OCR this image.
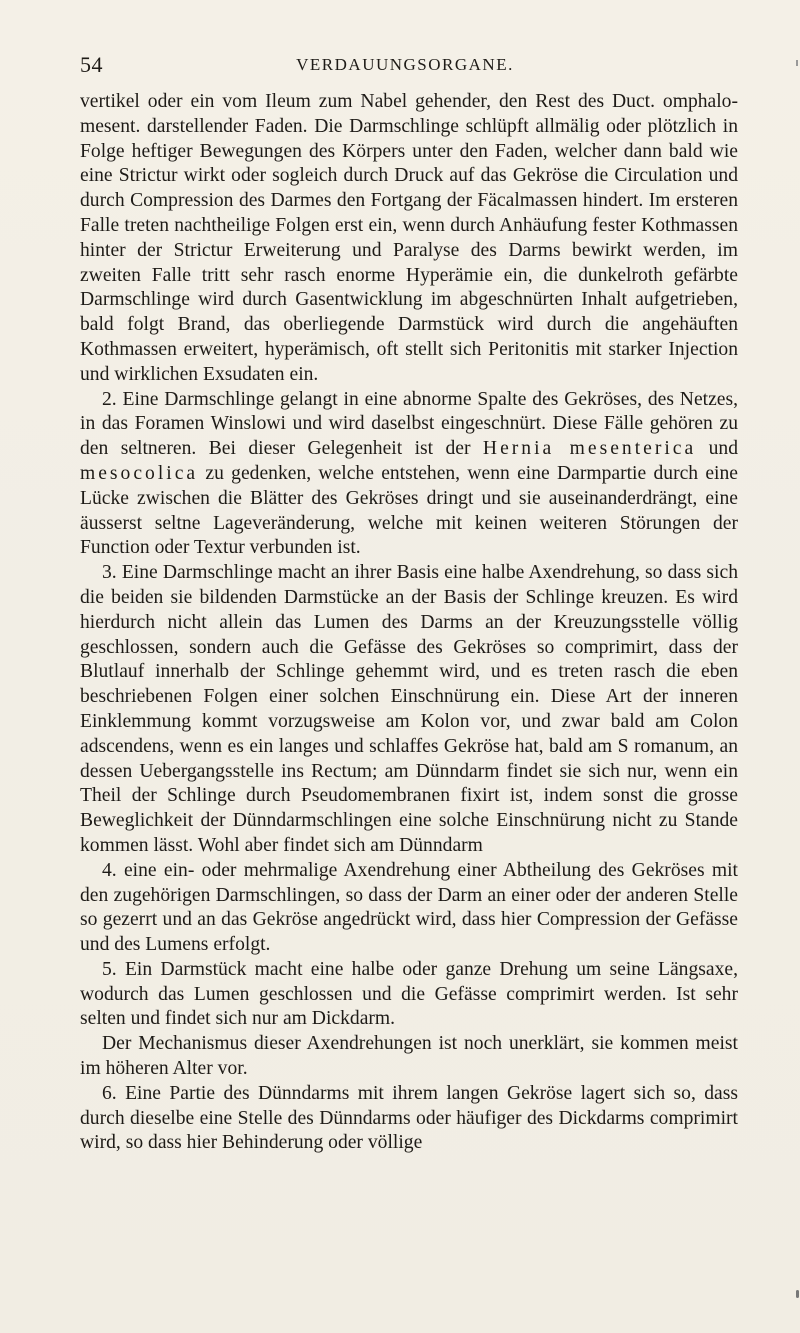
54	VERDAUUNGSORGANE.

vertikel oder ein vom Ileum zum Nabel gehender, den Rest des Duct. omphalo-mesent. darstellender Faden. Die Darmschlinge schlüpft allmälig oder plötzlich in Folge heftiger Bewegungen des Körpers unter den Faden, welcher dann bald wie eine Strictur wirkt oder sogleich durch Druck auf das Gekröse die Circulation und durch Compression des Darmes den Fortgang der Fäcalmassen hindert. Im ersteren Falle treten nachtheilige Folgen erst ein, wenn durch Anhäufung fester Kothmassen hinter der Strictur Erweiterung und Paralyse des Darms bewirkt werden, im zweiten Falle tritt sehr rasch enorme Hyperämie ein, die dunkelroth gefärbte Darmschlinge wird durch Gasentwicklung im abgeschnürten Inhalt aufgetrieben, bald folgt Brand, das oberliegende Darmstück wird durch die angehäuften Kothmassen erweitert, hyperämisch, oft stellt sich Peritonitis mit starker Injection und wirklichen Exsudaten ein.

2. Eine Darmschlinge gelangt in eine abnorme Spalte des Gekröses, des Netzes, in das Foramen Winslowi und wird daselbst eingeschnürt. Diese Fälle gehören zu den seltneren. Bei dieser Gelegenheit ist der Hernia mesenterica und mesocolica zu gedenken, welche entstehen, wenn eine Darmpartie durch eine Lücke zwischen die Blätter des Gekröses dringt und sie auseinanderdrängt, eine äusserst seltne Lageveränderung, welche mit keinen weiteren Störungen der Function oder Textur verbunden ist.

3. Eine Darmschlinge macht an ihrer Basis eine halbe Axendrehung, so dass sich die beiden sie bildenden Darmstücke an der Basis der Schlinge kreuzen. Es wird hierdurch nicht allein das Lumen des Darms an der Kreuzungsstelle völlig geschlossen, sondern auch die Gefässe des Gekröses so comprimirt, dass der Blutlauf innerhalb der Schlinge gehemmt wird, und es treten rasch die eben beschriebenen Folgen einer solchen Einschnürung ein. Diese Art der inneren Einklemmung kommt vorzugsweise am Kolon vor, und zwar bald am Colon adscendens, wenn es ein langes und schlaffes Gekröse hat, bald am S romanum, an dessen Uebergangsstelle ins Rectum; am Dünndarm findet sie sich nur, wenn ein Theil der Schlinge durch Pseudomembranen fixirt ist, indem sonst die grosse Beweglichkeit der Dünndarmschlingen eine solche Einschnürung nicht zu Stande kommen lässt. Wohl aber findet sich am Dünndarm

4. eine ein- oder mehrmalige Axendrehung einer Abtheilung des Gekröses mit den zugehörigen Darmschlingen, so dass der Darm an einer oder der anderen Stelle so gezerrt und an das Gekröse angedrückt wird, dass hier Compression der Gefässe und des Lumens erfolgt.

5. Ein Darmstück macht eine halbe oder ganze Drehung um seine Längsaxe, wodurch das Lumen geschlossen und die Gefässe comprimirt werden. Ist sehr selten und findet sich nur am Dickdarm.

Der Mechanismus dieser Axendrehungen ist noch unerklärt, sie kommen meist im höheren Alter vor.

6. Eine Partie des Dünndarms mit ihrem langen Gekröse lagert sich so, dass durch dieselbe eine Stelle des Dünndarms oder häufiger des Dickdarms comprimirt wird, so dass hier Behinderung oder völlige
